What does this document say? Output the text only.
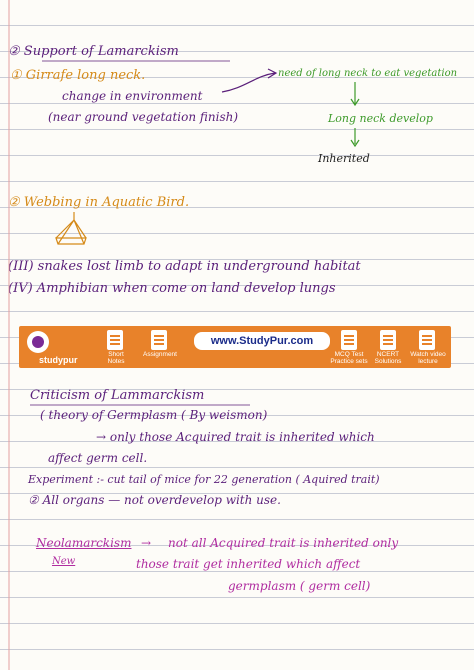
② Support of Lamarckism
① Girrafe long neck.
change in environment
(near ground vegetation finish)
need of long neck to eat vegetation
Long neck develop
Inherited
② Webbing in Aquatic Bird.
(III) snakes lost limb to adapt in underground habitat
(IV) Amphibian when come on land develop lungs
studypur
Short Notes
Assignment
www.StudyPur.com
MCQ Test
Practice sets
NCERT
Solutions
Watch video
lecture
Criticism of Lammarckism
( theory of Germplasm ( By weismon)
→ only those Acquired trait is inherited which
affect germ cell.
Experiment :- cut tail of mice for 22 generation ( Aquired trait)
② All organs — not overdevelop with use.
Neolamarckism → not all Acquired trait is inherited only
New	those trait get inherited which affect
germplasm ( germ cell)
